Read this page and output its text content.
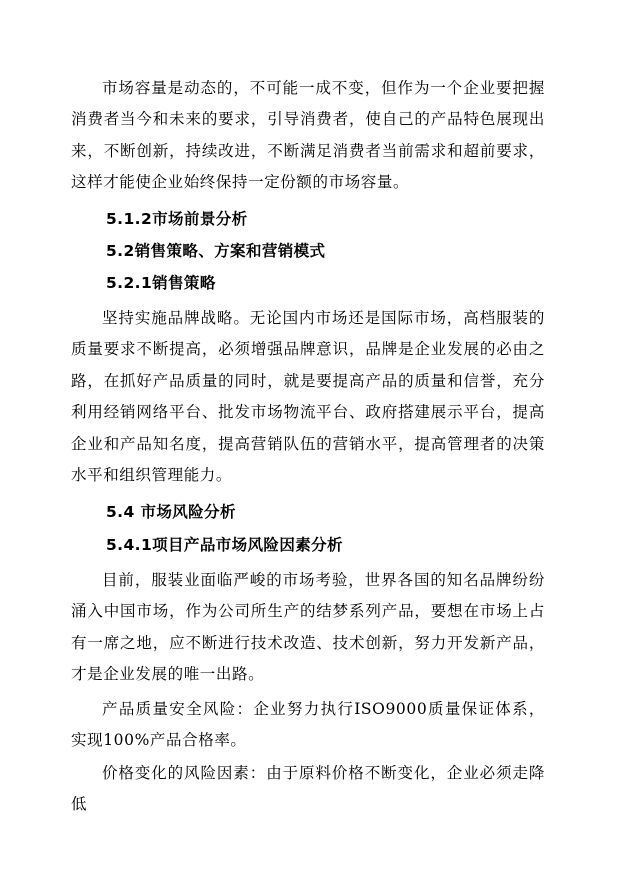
市场容量是动态的，不可能一成不变，但作为一个企业要把握消费者当今和未来的要求，引导消费者，使自己的产品特色展现出来，不断创新，持续改进，不断满足消费者当前需求和超前要求，这样才能使企业始终保持一定份额的市场容量。

5.1.2市场前景分析
5.2销售策略、方案和营销模式
5.2.1销售策略

坚持实施品牌战略。无论国内市场还是国际市场，高档服装的质量要求不断提高，必须增强品牌意识，品牌是企业发展的必由之路，在抓好产品质量的同时，就是要提高产品的质量和信誉，充分利用经销网络平台、批发市场物流平台、政府搭建展示平台，提高企业和产品知名度，提高营销队伍的营销水平，提高管理者的决策水平和组织管理能力。

5.4 市场风险分析
5.4.1项目产品市场风险因素分析

目前，服装业面临严峻的市场考验，世界各国的知名品牌纷纷涌入中国市场，作为公司所生产的结梦系列产品，要想在市场上占有一席之地，应不断进行技术改造、技术创新，努力开发新产品，才是企业发展的唯一出路。

产品质量安全风险：企业努力执行ISO9000质量保证体系，实现100%产品合格率。

价格变化的风险因素：由于原料价格不断变化，企业必须走降低
